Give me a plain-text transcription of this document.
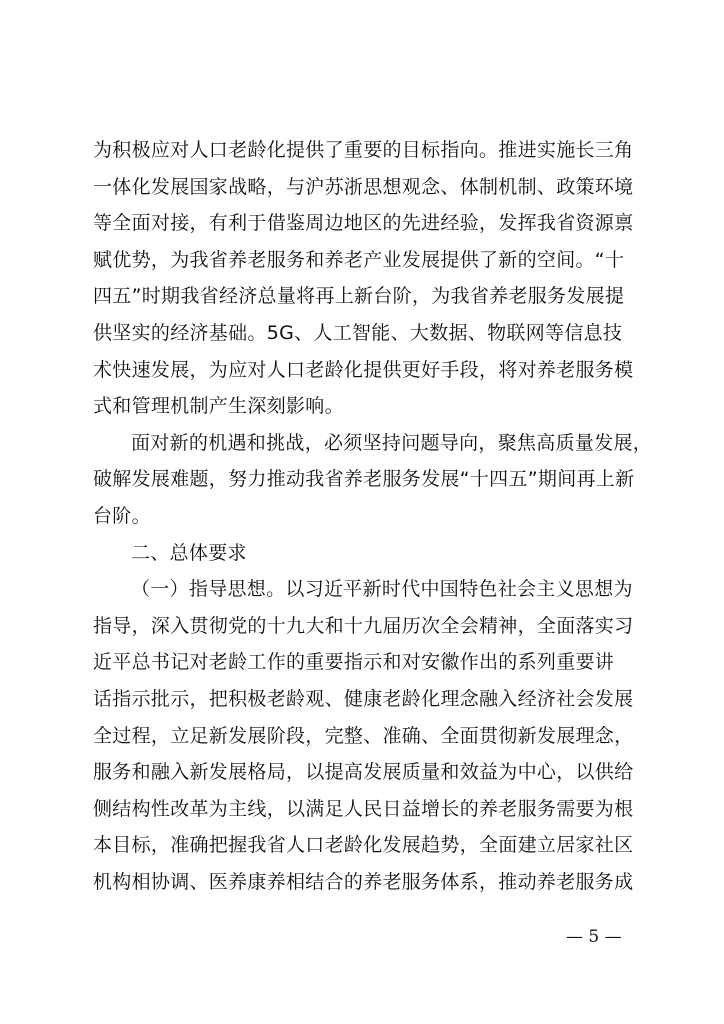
为积极应对人口老龄化提供了重要的目标指向。推进实施长三角
一体化发展国家战略，与沪苏浙思想观念、体制机制、政策环境
等全面对接，有利于借鉴周边地区的先进经验，发挥我省资源禀
赋优势，为我省养老服务和养老产业发展提供了新的空间。“十
四五”时期我省经济总量将再上新台阶，为我省养老服务发展提
供坚实的经济基础。5G、人工智能、大数据、物联网等信息技
术快速发展，为应对人口老龄化提供更好手段，将对养老服务模
式和管理机制产生深刻影响。
面对新的机遇和挑战，必须坚持问题导向，聚焦高质量发展，
破解发展难题，努力推动我省养老服务发展“十四五”期间再上新
台阶。
二、总体要求
（一）指导思想。以习近平新时代中国特色社会主义思想为
指导，深入贯彻党的十九大和十九届历次全会精神，全面落实习
近平总书记对老龄工作的重要指示和对安徽作出的系列重要讲
话指示批示，把积极老龄观、健康老龄化理念融入经济社会发展
全过程，立足新发展阶段，完整、准确、全面贯彻新发展理念，
服务和融入新发展格局，以提高发展质量和效益为中心，以供给
侧结构性改革为主线，以满足人民日益增长的养老服务需要为根
本目标，准确把握我省人口老龄化发展趋势，全面建立居家社区
机构相协调、医养康养相结合的养老服务体系，推动养老服务成
— 5 —
